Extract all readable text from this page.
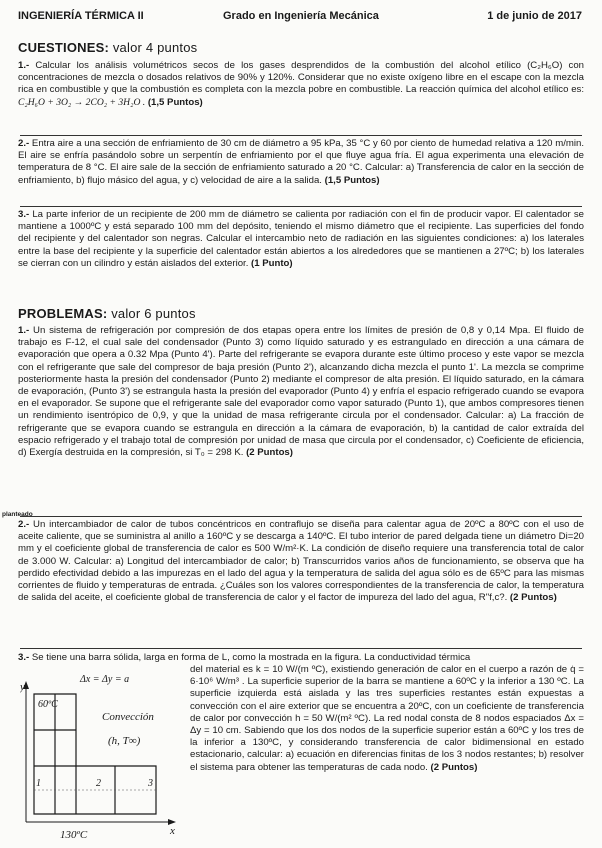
INGENIERÍA TÉRMICA II	Grado en Ingeniería Mecánica	1 de junio de 2017
CUESTIONES: valor 4 puntos

1.- Calcular los análisis volumétricos secos de los gases desprendidos de la combustión del alcohol etílico (C₂H₆O) con concentraciones de mezcla o dosados relativos de 90% y 120%. Considerar que no existe oxígeno libre en el escape con la mezcla rica en combustible y que la combustión es completa con la mezcla pobre en combustible. La reacción química del alcohol etílico es: C₂H₆O + 3O₂ → 2CO₂ + 3H₂O . (1,5 Puntos)

2.- Entra aire a una sección de enfriamiento de 30 cm de diámetro a 95 kPa, 35 °C y 60 por ciento de humedad relativa a 120 m/min. El aire se enfría pasándolo sobre un serpentín de enfriamiento por el que fluye agua fría. El agua experimenta una elevación de temperatura de 8 °C. El aire sale de la sección de enfriamiento saturado a 20 °C. Calcular: a) Transferencia de calor en la sección de enfriamiento, b) flujo másico del agua, y c) velocidad de aire a la salida. (1,5 Puntos)

3.- La parte inferior de un recipiente de 200 mm de diámetro se calienta por radiación con el fin de producir vapor. El calentador se mantiene a 1000ºC y está separado 100 mm del depósito, teniendo el mismo diámetro que el recipiente. Las superficies del fondo del recipiente y del calentador son negras. Calcular el intercambio neto de radiación en las siguientes condiciones: a) los laterales entre la base del recipiente y la superficie del calentador están abiertos a los alrededores que se mantienen a 27ºC; b) los laterales se cierran con un cilindro y están aislados del exterior. (1 Punto)

PROBLEMAS: valor 6 puntos

1.- Un sistema de refrigeración por compresión de dos etapas opera entre los límites de presión de 0,8 y 0,14 Mpa. El fluido de trabajo es F-12, el cual sale del condensador (Punto 3) como líquido saturado y es estrangulado en dirección a una cámara de evaporación que opera a 0.32 Mpa (Punto 4'). Parte del refrigerante se evapora durante este último proceso y este vapor se mezcla con el refrigerante que sale del compresor de baja presión (Punto 2'), alcanzando dicha mezcla el punto 1'. La mezcla se comprime posteriormente hasta la presión del condensador (Punto 2) mediante el compresor de alta presión. El líquido saturado, en la cámara de evaporación, (Punto 3') se estrangula hasta la presión del evaporador (Punto 4) y enfría el espacio refrigerado cuando se evapora en el evaporador. Se supone que el refrigerante sale del evaporador como vapor saturado (Punto 1), que ambos compresores tienen un rendimiento isentrópico de 0,9, y que la unidad de masa refrigerante circula por el condensador. Calcular: a) La fracción de refrigerante que se evapora cuando se estrangula en dirección a la cámara de evaporación, b) la cantidad de calor extraída del espacio refrigerado y el trabajo total de compresión por unidad de masa que circula por el condensador, c) Coeficiente de eficiencia, d) Exergía destruida en la compresión, si T₀ = 298 K. (2 Puntos)

planteado

2.- Un intercambiador de calor de tubos concéntricos en contraflujo se diseña para calentar agua de 20ºC a 80ºC con el uso de aceite caliente, que se suministra al anillo a 160ºC y se descarga a 140ºC. El tubo interior de pared delgada tiene un diámetro Di=20 mm y el coeficiente global de transferencia de calor es 500 W/m²·K. La condición de diseño requiere una transferencia total de calor de 3.000 W. Calcular: a) Longitud del intercambiador de calor; b) Transcurridos varios años de funcionamiento, se observa que ha perdido efectividad debido a las impurezas en el lado del agua y la temperatura de salida del agua sólo es de 65ºC para las mismas corrientes de fluido y temperaturas de entrada. ¿Cuáles son los valores correspondientes de la transferencia de calor, la temperatura de salida del aceite, el coeficiente global de transferencia de calor y el factor de impureza del lado del agua, R"f,c?. (2 Puntos)

3.- Se tiene una barra sólida, larga en forma de L, como la mostrada en la figura. La conductividad térmica

del material es k = 10 W/(m ºC), existiendo generación de calor en el cuerpo a razón de q̇ = 6·10⁶ W/m³ . La superficie superior de la barra se mantiene a 60ºC y la inferior a 130 ºC. La superficie izquierda está aislada y las tres superficies restantes están expuestas a convección con el aire exterior que se encuentra a 20ºC, con un coeficiente de transferencia de calor por convección h = 50 W/(m² ºC). La red nodal consta de 8 nodos espaciados Δx = Δy = 10 cm. Sabiendo que los dos nodos de la superficie superior están a 60ºC y los tres de la inferior a 130ºC, y considerando transferencia de calor bidimensional en estado estacionario, calcular: a) ecuación en diferencias finitas de los 3 nodos restantes; b) resolver el sistema para obtener las temperaturas de cada nodo. (2 Puntos)

y
x
Δx = Δy = a
60ºC
Convección
(h, T∞)
1	2	3
130ºC
